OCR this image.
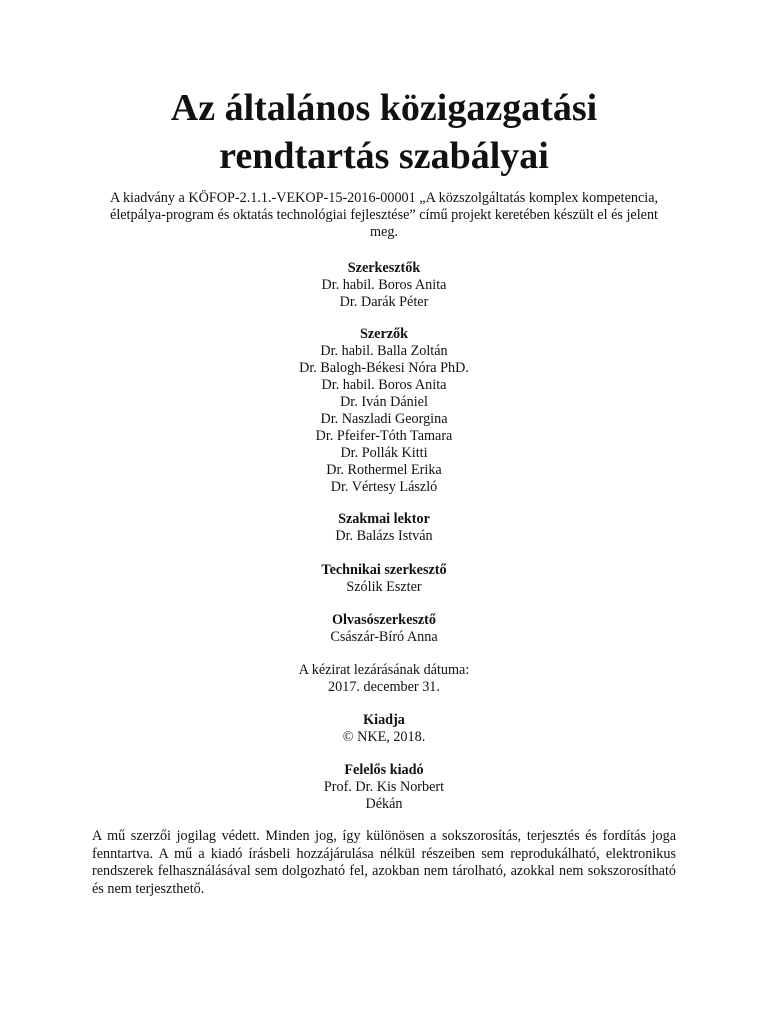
Az általános közigazgatási
rendtartás szabályai

A kiadvány a KÖFOP-2.1.1.-VEKOP-15-2016-00001 „A közszolgáltatás komplex kompetencia, életpálya-program és oktatás technológiai fejlesztése” című projekt keretében készült el és jelent meg.

Szerkesztők
Dr. habil. Boros Anita
Dr. Darák Péter
Szerzők
Dr. habil. Balla Zoltán
Dr. Balogh-Békesi Nóra PhD.
Dr. habil. Boros Anita
Dr. Iván Dániel
Dr. Naszladi Georgina
Dr. Pfeifer-Tóth Tamara
Dr. Pollák Kitti
Dr. Rothermel Erika
Dr. Vértesy László
Szakmai lektor
Dr. Balázs István
Technikai szerkesztő
Szólik Eszter
Olvasószerkesztő
Császár-Bíró Anna
A kézirat lezárásának dátuma:
2017. december 31.
Kiadja
© NKE, 2018.
Felelős kiadó
Prof. Dr. Kis Norbert
Dékán

A mű szerzői jogilag védett. Minden jog, így különösen a sokszorosítás, terjesztés és fordítás joga fenntartva. A mű a kiadó írásbeli hozzájárulása nélkül részeiben sem reprodukálható, elektronikus rendszerek felhasználásával sem dolgozható fel, azokban nem tárolható, azokkal nem sokszorosítható és nem terjeszthető.
